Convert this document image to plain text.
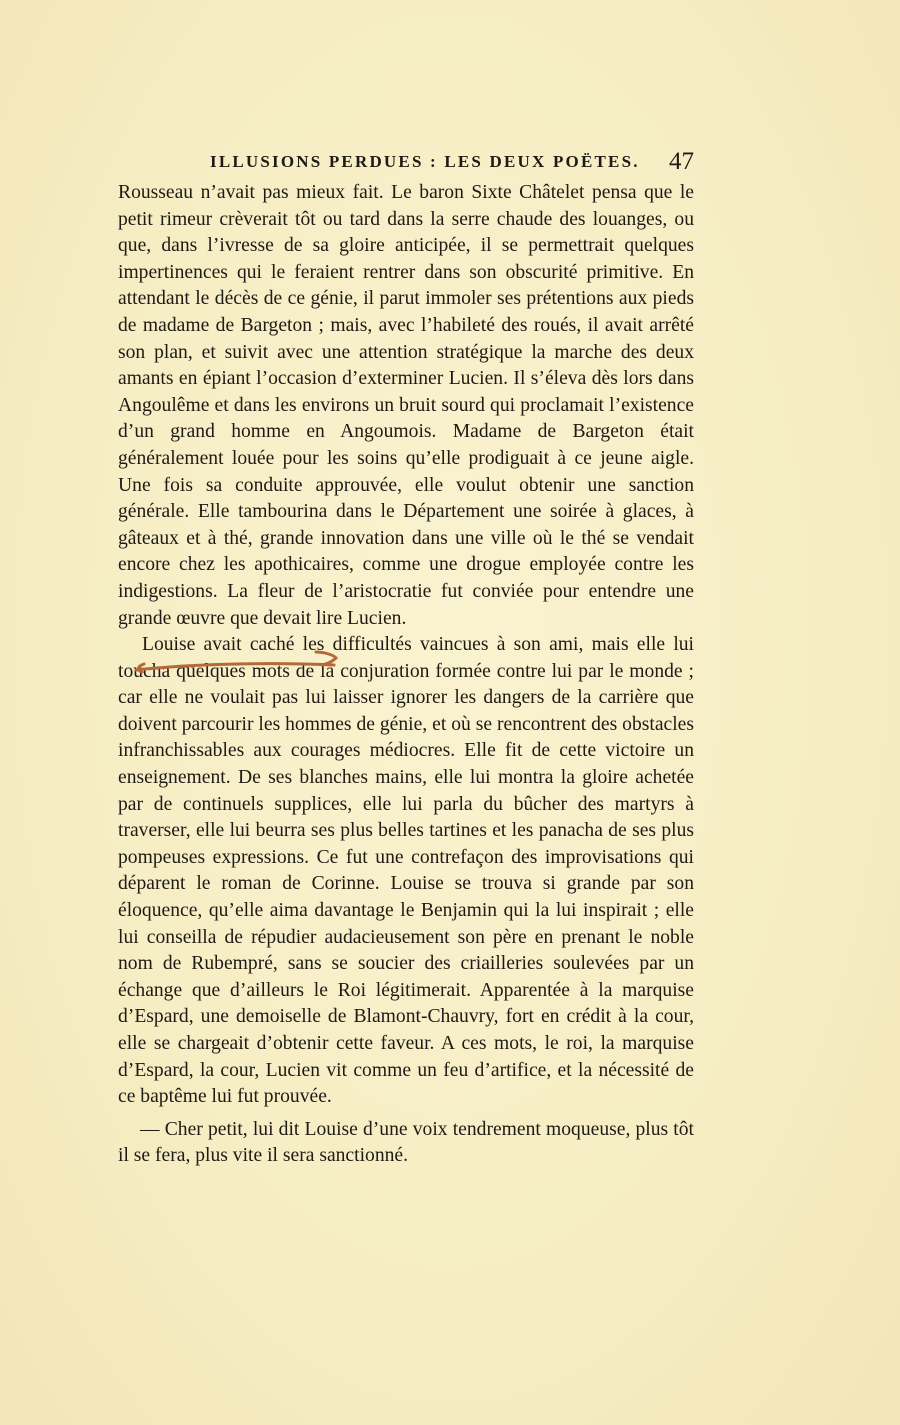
ILLUSIONS PERDUES : LES DEUX POËTES. 47

Rousseau n’avait pas mieux fait. Le baron Sixte Châtelet pensa que le petit rimeur crèverait tôt ou tard dans la serre chaude des louanges, ou que, dans l’ivresse de sa gloire anticipée, il se permettrait quelques impertinences qui le feraient rentrer dans son obscurité primitive. En attendant le décès de ce génie, il parut immoler ses prétentions aux pieds de madame de Bargeton ; mais, avec l’habileté des roués, il avait arrêté son plan, et suivit avec une attention stratégique la marche des deux amants en épiant l’occasion d’exterminer Lucien. Il s’éleva dès lors dans Angoulême et dans les environs un bruit sourd qui proclamait l’existence d’un grand homme en Angoumois. Madame de Bargeton était généralement louée pour les soins qu’elle prodiguait à ce jeune aigle. Une fois sa conduite approuvée, elle voulut obtenir une sanction générale. Elle tambourina dans le Département une soirée à glaces, à gâteaux et à thé, grande innovation dans une ville où le thé se vendait encore chez les apothicaires, comme une drogue employée contre les indigestions. La fleur de l’aristocratie fut conviée pour entendre une grande œuvre que devait lire Lucien.

Louise avait caché les difficultés vaincues à son ami, mais elle lui toucha quelques mots de la conjuration formée contre lui par le monde ; car elle ne voulait pas lui laisser ignorer les dangers de la carrière que doivent parcourir les hommes de génie, et où se rencontrent des obstacles infranchissables aux courages médiocres. Elle fit de cette victoire un enseignement. De ses blanches mains, elle lui montra la gloire achetée par de continuels supplices, elle lui parla du bûcher des martyrs à traverser, elle lui beurra ses plus belles tartines et les panacha de ses plus pompeuses expressions. Ce fut une contrefaçon des improvisations qui déparent le roman de Corinne. Louise se trouva si grande par son éloquence, qu’elle aima davantage le Benjamin qui la lui inspirait ; elle lui conseilla de répudier audacieusement son père en prenant le noble nom de Rubempré, sans se soucier des criailleries soulevées par un échange que d’ailleurs le Roi légitimerait. Apparentée à la marquise d’Espard, une demoiselle de Blamont-Chauvry, fort en crédit à la cour, elle se chargeait d’obtenir cette faveur. A ces mots, le roi, la marquise d’Espard, la cour, Lucien vit comme un feu d’artifice, et la nécessité de ce baptême lui fut prouvée.

— Cher petit, lui dit Louise d’une voix tendrement moqueuse, plus tôt il se fera, plus vite il sera sanctionné.
